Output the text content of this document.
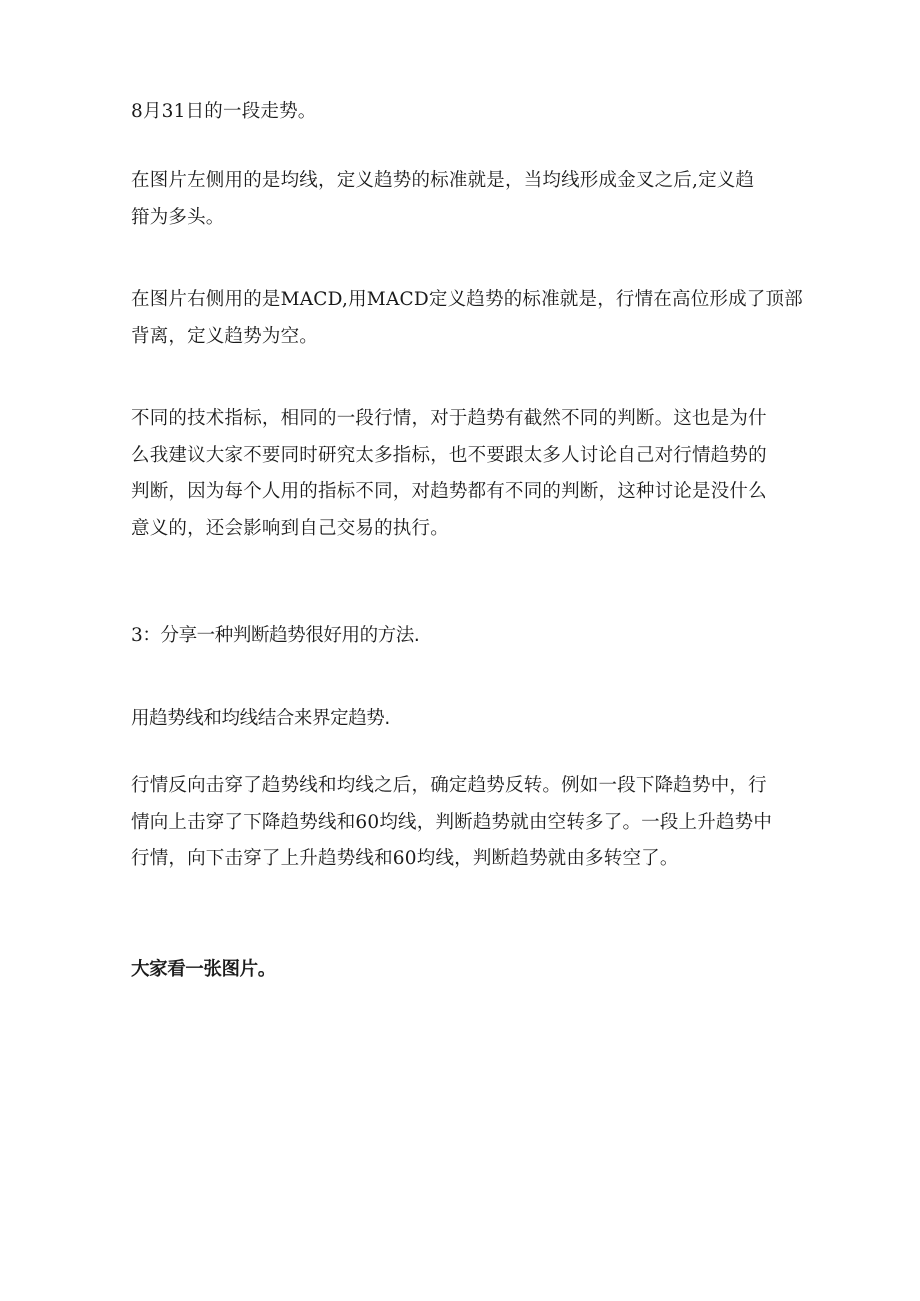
8月31日的一段走势。

在图片左侧用的是均线，定义趋势的标准就是，当均线形成金叉之后,定义趋
箝为多头。

在图片右侧用的是MACD,用MACD定义趋势的标准就是，行情在高位形成了顶部
背离，定义趋势为空。

不同的技术指标，相同的一段行情，对于趋势有截然不同的判断。这也是为什
么我建议大家不要同时研究太多指标，也不要跟太多人讨论自己对行情趋势的
判断，因为每个人用的指标不同，对趋势都有不同的判断，这种讨论是没什么
意义的，还会影响到自己交易的执行。

3：分享一种判断趋势很好用的方法.

用趋势线和均线结合来界定趋势.

行情反向击穿了趋势线和均线之后，确定趋势反转。例如一段下降趋势中，行
情向上击穿了下降趋势线和60均线，判断趋势就由空转多了。一段上升趋势中
行情，向下击穿了上升趋势线和60均线，判断趋势就由多转空了。

大家看一张图片。
